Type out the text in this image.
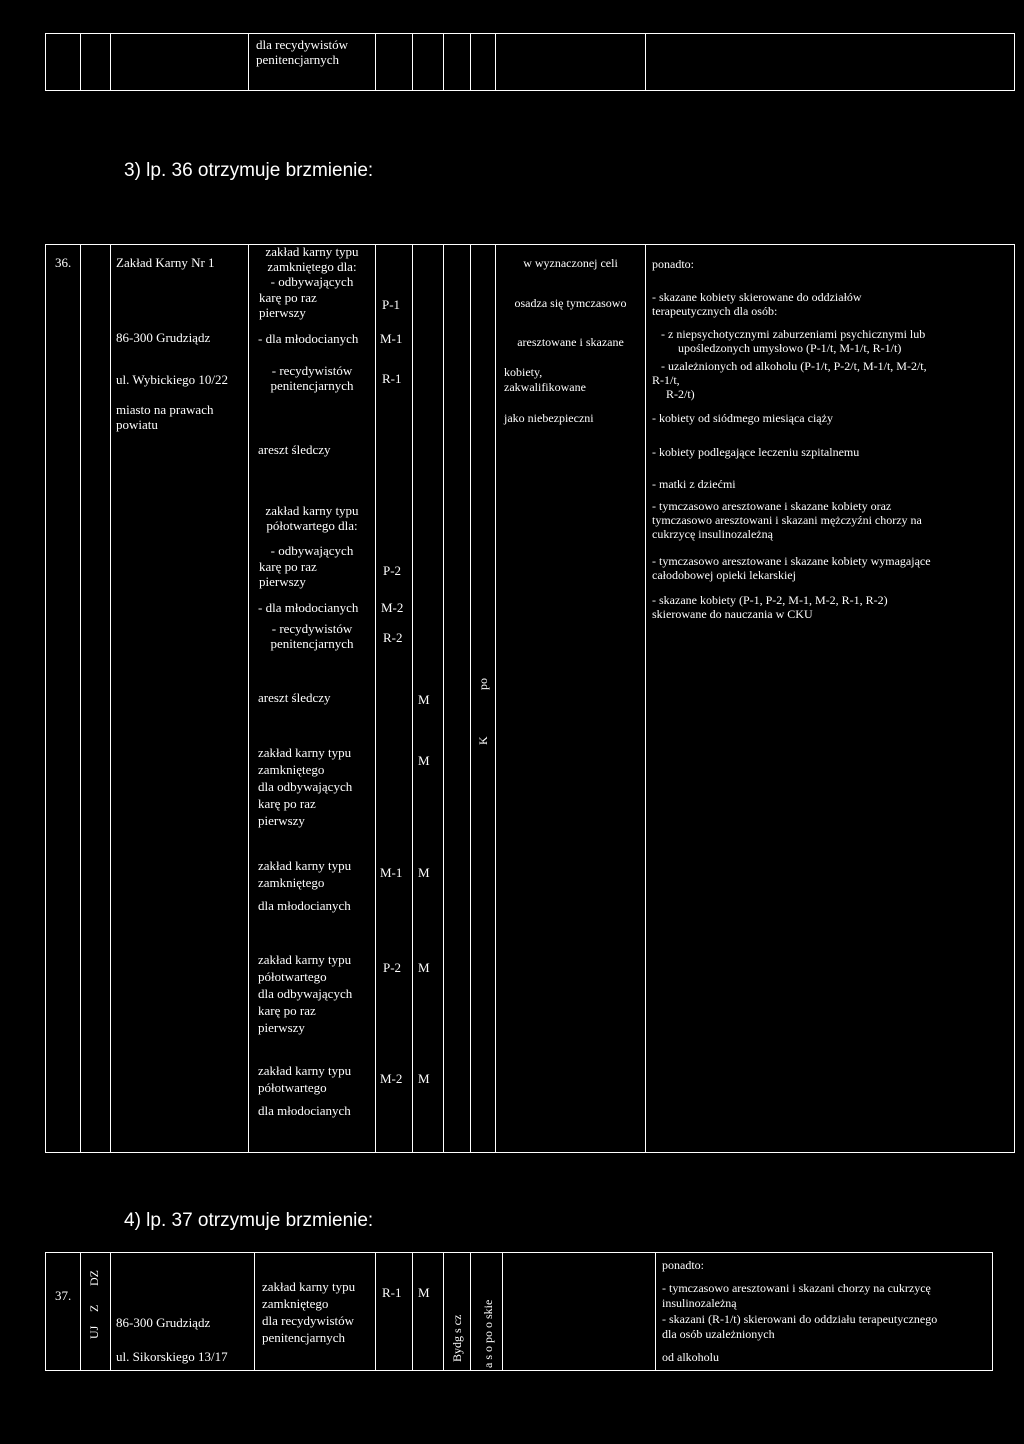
dla recydywistów
penitencjarnych
3) lp. 36 otrzymuje brzmienie:
36.	Zakład Karny Nr 1
86-300 Grudziądz
ul. Wybickiego 10/22
miasto na prawach
powiatu
zakład karny typu
zamkniętego dla:
- odbywających
karę po raz
pierwszy
- dla młodocianych
- recydywistów
penitencjarnych
areszt śledczy
zakład karny typu
półotwartego dla:
- odbywających
karę po raz
pierwszy
- dla młodocianych
- recydywistów
penitencjarnych
areszt śledczy
zakład karny typu
zamkniętego
dla odbywających
karę po raz
pierwszy
zakład karny typu
zamkniętego
dla młodocianych
zakład karny typu
półotwartego
dla odbywających
karę po raz
pierwszy
zakład karny typu
półotwartego
dla młodocianych
P-1
M-1
R-1
P-2
M-2
R-2
M
M
M-1 M
P-2 M
M-2 M
po
K
w wyznaczonej celi
osadza się tymczasowo
aresztowane i skazane
kobiety,
zakwalifikowane
jako niebezpieczni
ponadto:
- skazane kobiety skierowane do oddziałów
terapeutycznych dla osób:
- z niepsychotycznymi zaburzeniami psychicznymi lub
upośledzonych umysłowo (P-1/t, M-1/t, R-1/t)
- uzależnionych od alkoholu (P-1/t, P-2/t, M-1/t, M-2/t,
R-1/t,
R-2/t)
- kobiety od siódmego miesiąca ciąży
- kobiety podlegające leczeniu szpitalnemu
- matki z dziećmi
- tymczasowo aresztowane i skazane kobiety oraz
tymczasowo aresztowani i skazani mężczyźni chorzy na
cukrzycę insulinozależną
- tymczasowo aresztowane i skazane kobiety wymagające
całodobowej opieki lekarskiej
- skazane kobiety (P-1, P-2, M-1, M-2, R-1, R-2)
skierowane do nauczania w CKU
4) lp. 37 otrzymuje brzmienie:
37.
DZ
Z
UJ
86-300 Grudziądz
ul. Sikorskiego 13/17
zakład karny typu
zamkniętego
dla recydywistów
penitencjarnych
R-1 M
Bydg s cz a s o po o skie
ponadto:
- tymczasowo aresztowani i skazani chorzy na cukrzycę
insulinozależną
- skazani (R-1/t) skierowani do oddziału terapeutycznego
dla osób uzależnionych
od alkoholu
